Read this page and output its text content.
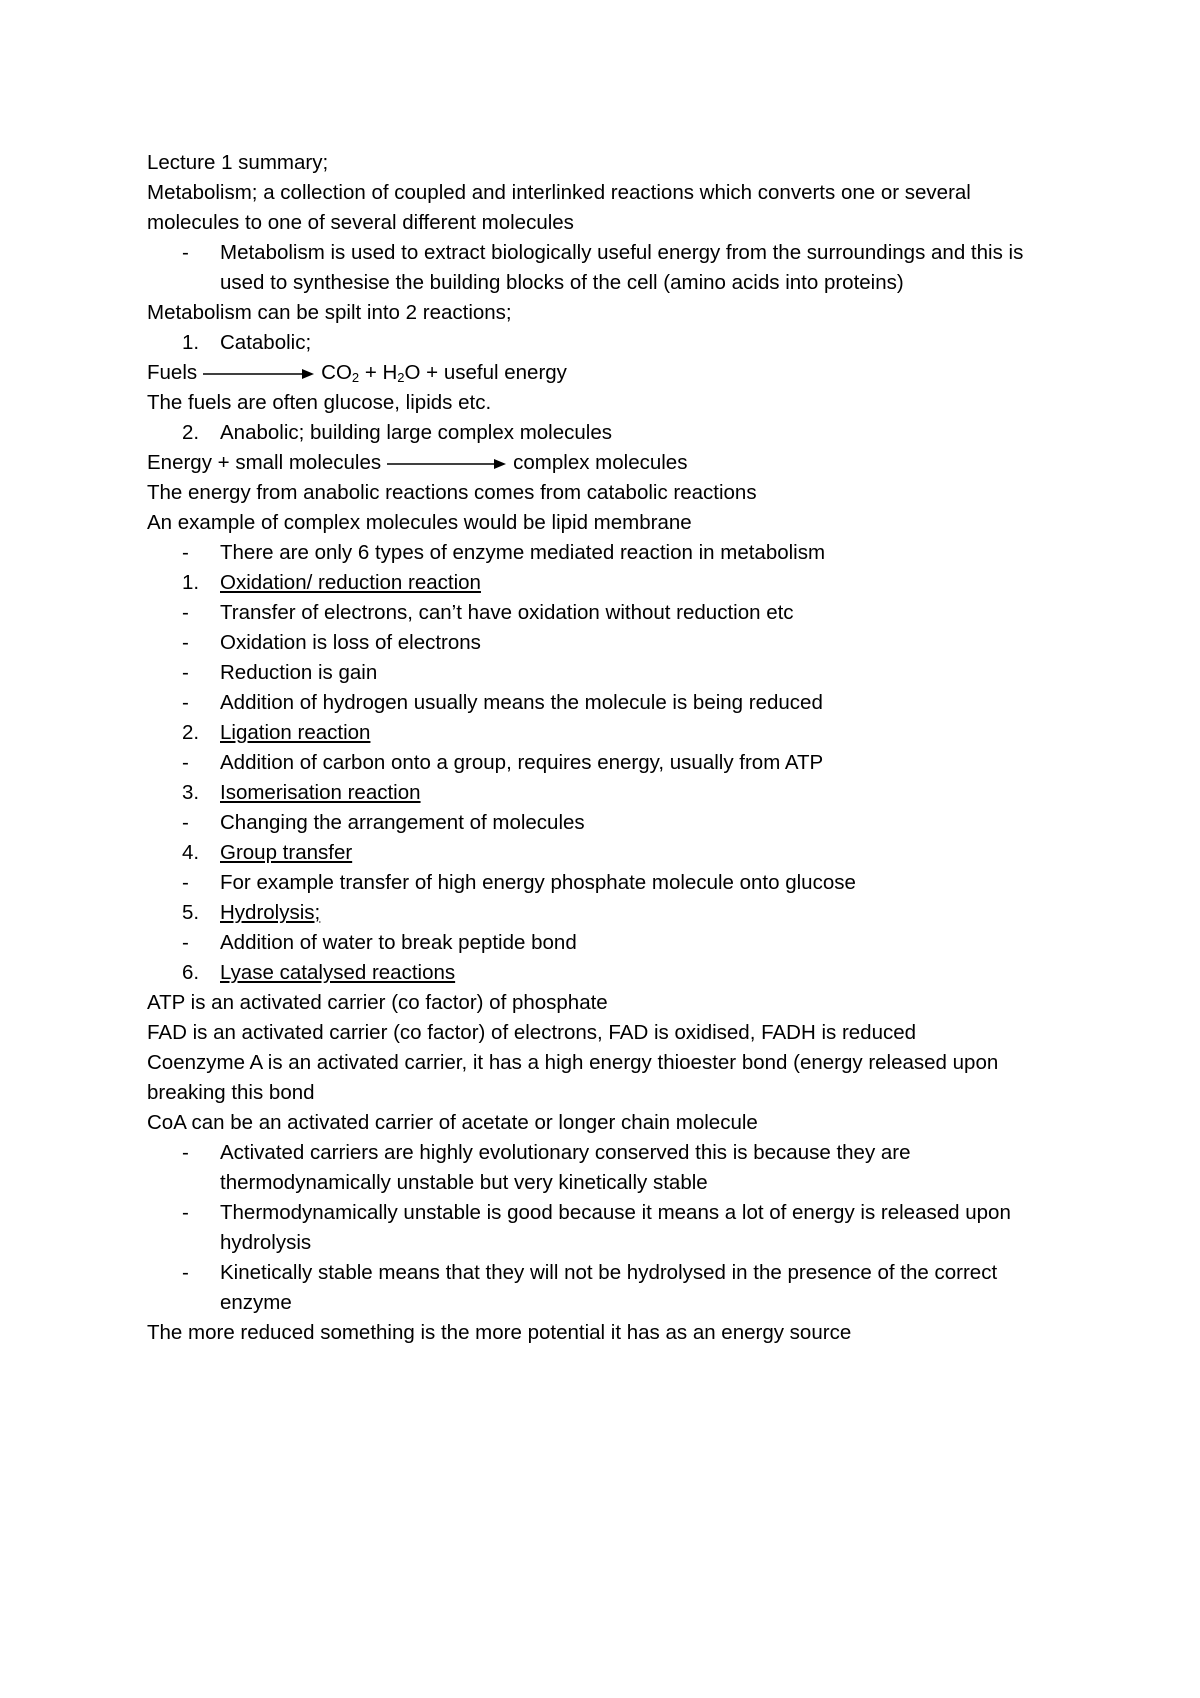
Lecture 1 summary;
Metabolism; a collection of coupled and interlinked reactions which converts one or several molecules to one of several different molecules
- Metabolism is used to extract biologically useful energy from the surroundings and this is used to synthesise the building blocks of the cell (amino acids into proteins)
Metabolism can be spilt into 2 reactions;
1. Catabolic;
Fuels	$CO_2 + H_2O$ + useful energy
The fuels are often glucose, lipids etc.
2. Anabolic; building large complex molecules
Energy + small molecules	complex molecules
The energy from anabolic reactions comes from catabolic reactions
An example of complex molecules would be lipid membrane
- There are only 6 types of enzyme mediated reaction in metabolism
1. Oxidation/ reduction reaction
- Transfer of electrons, can’t have oxidation without reduction etc
- Oxidation is loss of electrons
- Reduction is gain
- Addition of hydrogen usually means the molecule is being reduced
2. Ligation reaction
- Addition of carbon onto a group, requires energy, usually from ATP
3. Isomerisation reaction
- Changing the arrangement of molecules
4. Group transfer
- For example transfer of high energy phosphate molecule onto glucose
5. Hydrolysis;
- Addition of water to break peptide bond
6. Lyase catalysed reactions
ATP is an activated carrier (co factor) of phosphate
FAD is an activated carrier (co factor) of electrons, FAD is oxidised, FADH is reduced
Coenzyme A is an activated carrier, it has a high energy thioester bond (energy released upon breaking this bond
CoA can be an activated carrier of acetate or longer chain molecule
- Activated carriers are highly evolutionary conserved this is because they are thermodynamically unstable but very kinetically stable
- Thermodynamically unstable is good because it means a lot of energy is released upon hydrolysis
- Kinetically stable means that they will not be hydrolysed in the presence of the correct enzyme
The more reduced something is the more potential it has as an energy source
